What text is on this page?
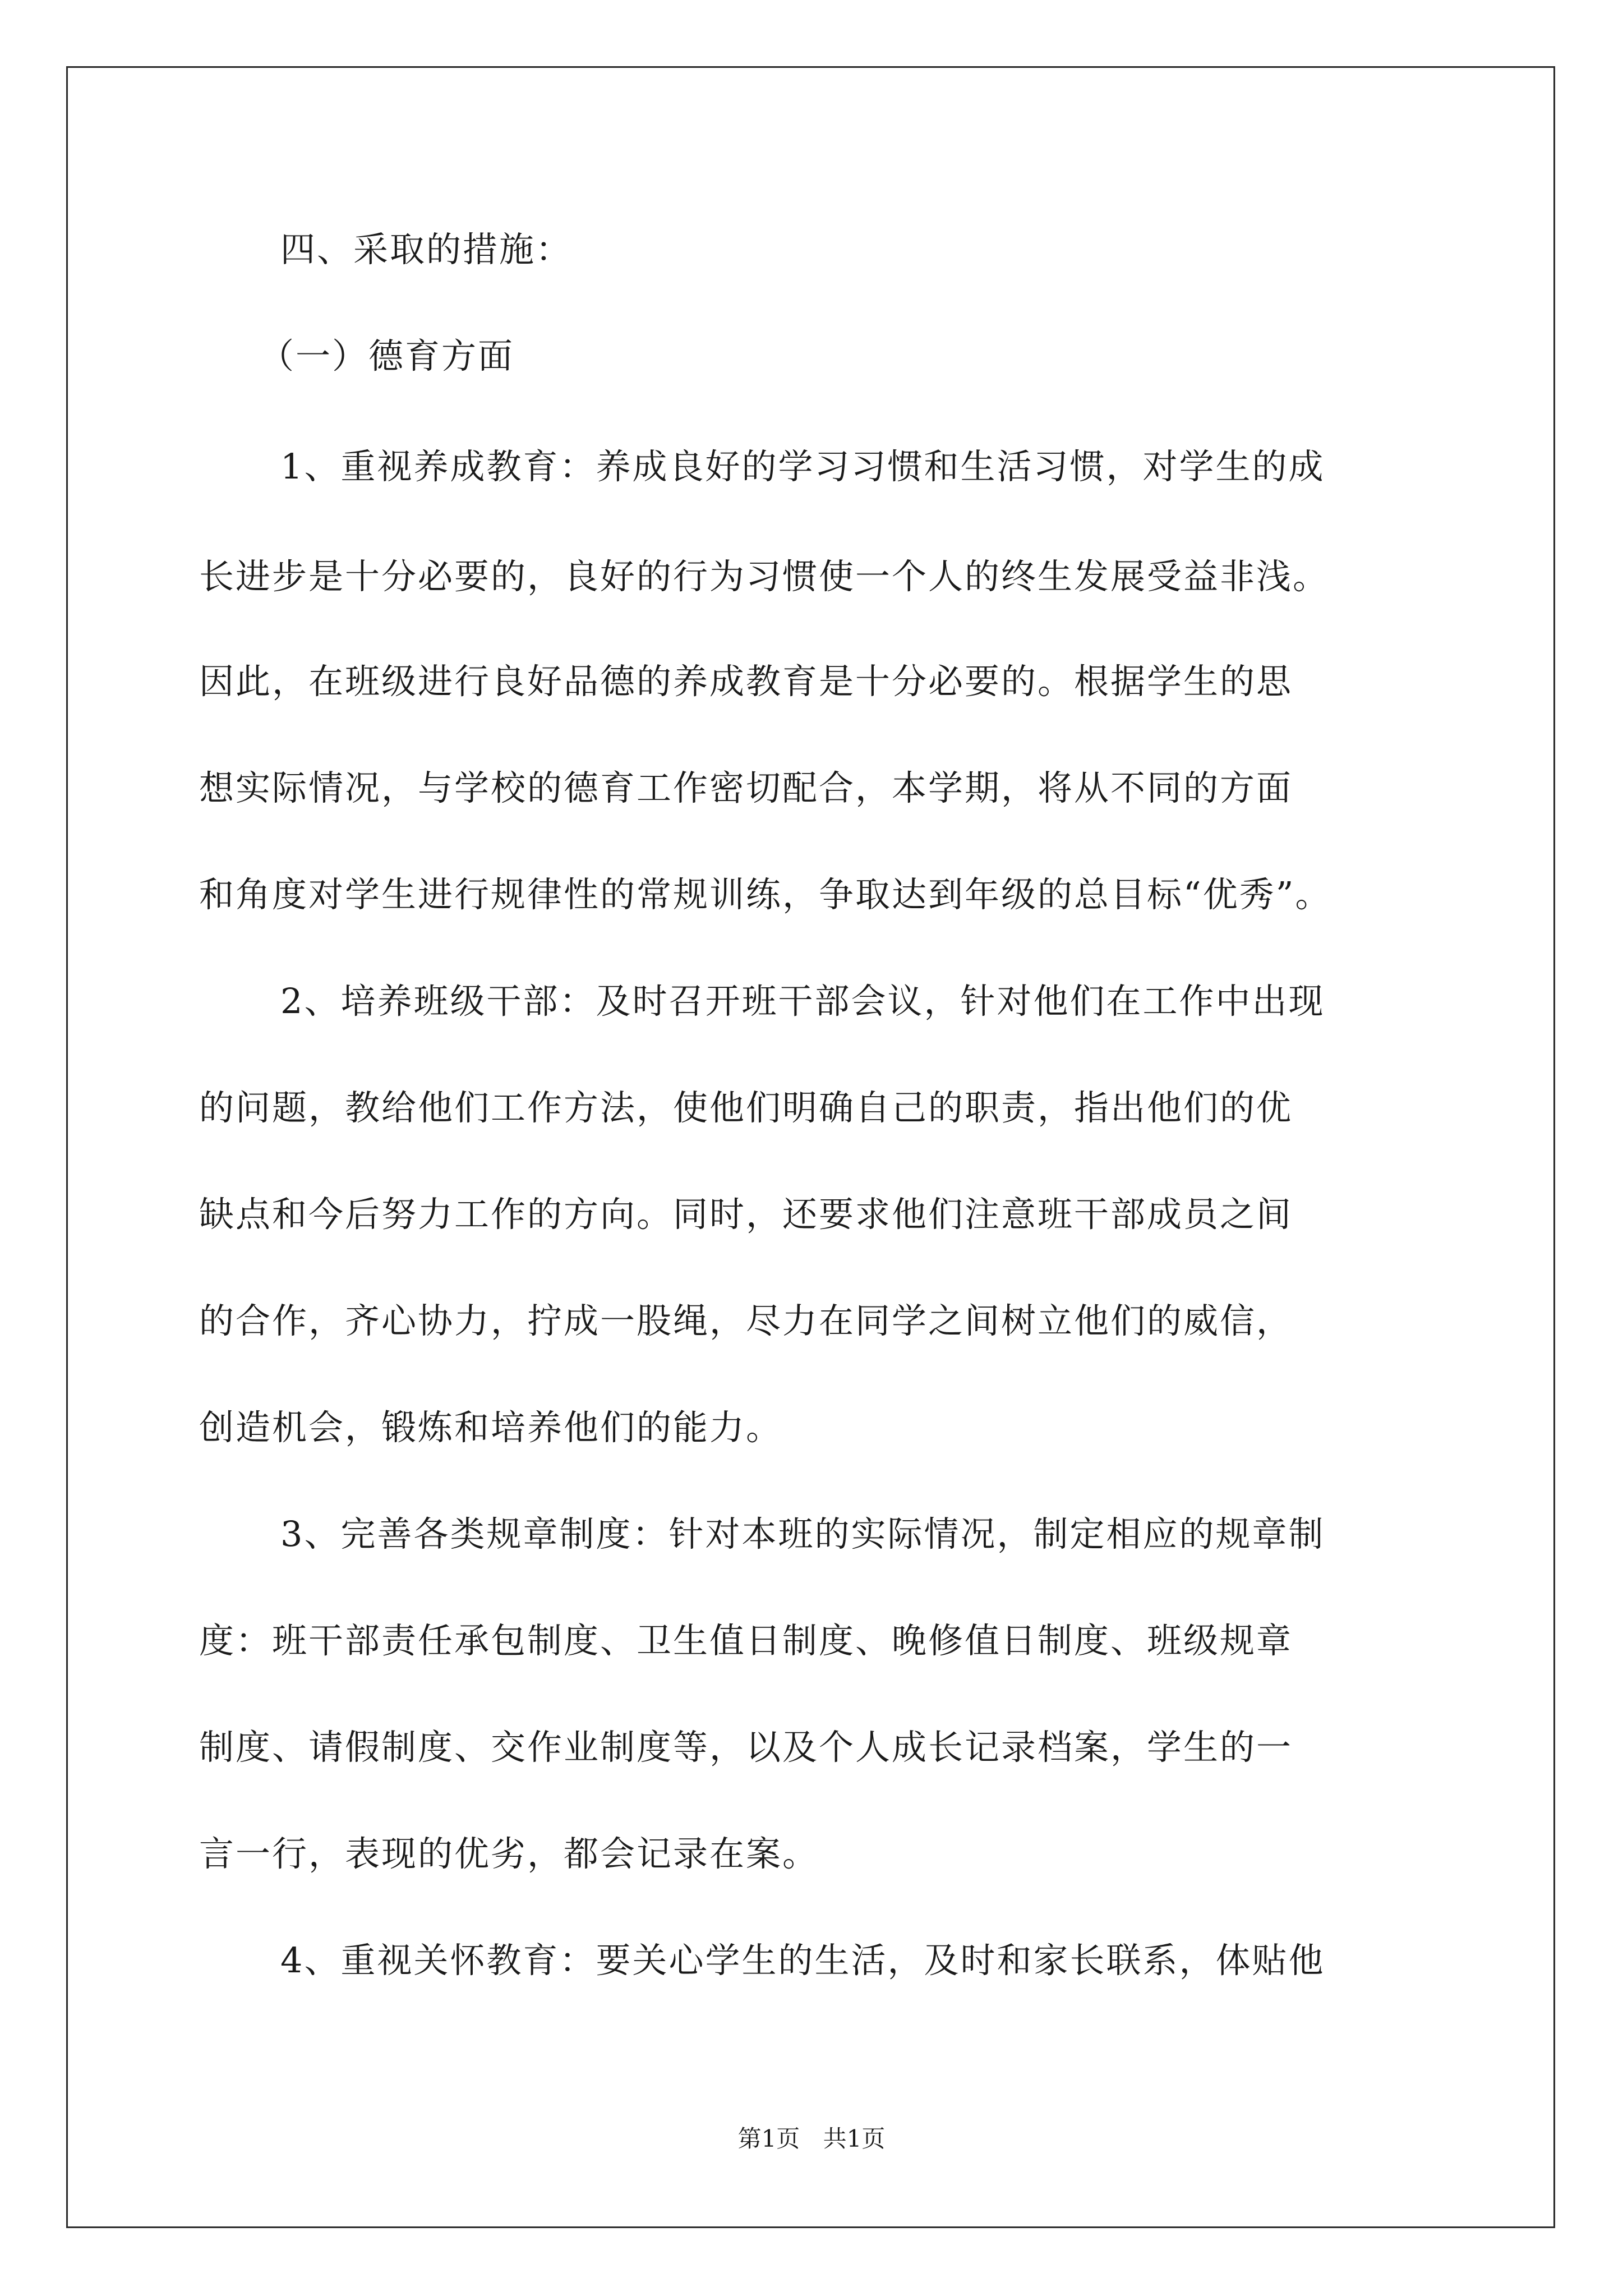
四、采取的措施：
（一）德育方面
1、重视养成教育：养成良好的学习习惯和生活习惯，对学生的成
长进步是十分必要的，良好的行为习惯使一个人的终生发展受益非浅。
因此，在班级进行良好品德的养成教育是十分必要的。根据学生的思
想实际情况，与学校的德育工作密切配合，本学期，将从不同的方面
和角度对学生进行规律性的常规训练，争取达到年级的总目标“优秀”。
2、培养班级干部：及时召开班干部会议，针对他们在工作中出现
的问题，教给他们工作方法，使他们明确自己的职责，指出他们的优
缺点和今后努力工作的方向。同时，还要求他们注意班干部成员之间
的合作，齐心协力，拧成一股绳，尽力在同学之间树立他们的威信，
创造机会，锻炼和培养他们的能力。
3、完善各类规章制度：针对本班的实际情况，制定相应的规章制
度：班干部责任承包制度、卫生值日制度、晚修值日制度、班级规章
制度、请假制度、交作业制度等，以及个人成长记录档案，学生的一
言一行，表现的优劣，都会记录在案。
4、重视关怀教育：要关心学生的生活，及时和家长联系，体贴他
第1页 共1页
